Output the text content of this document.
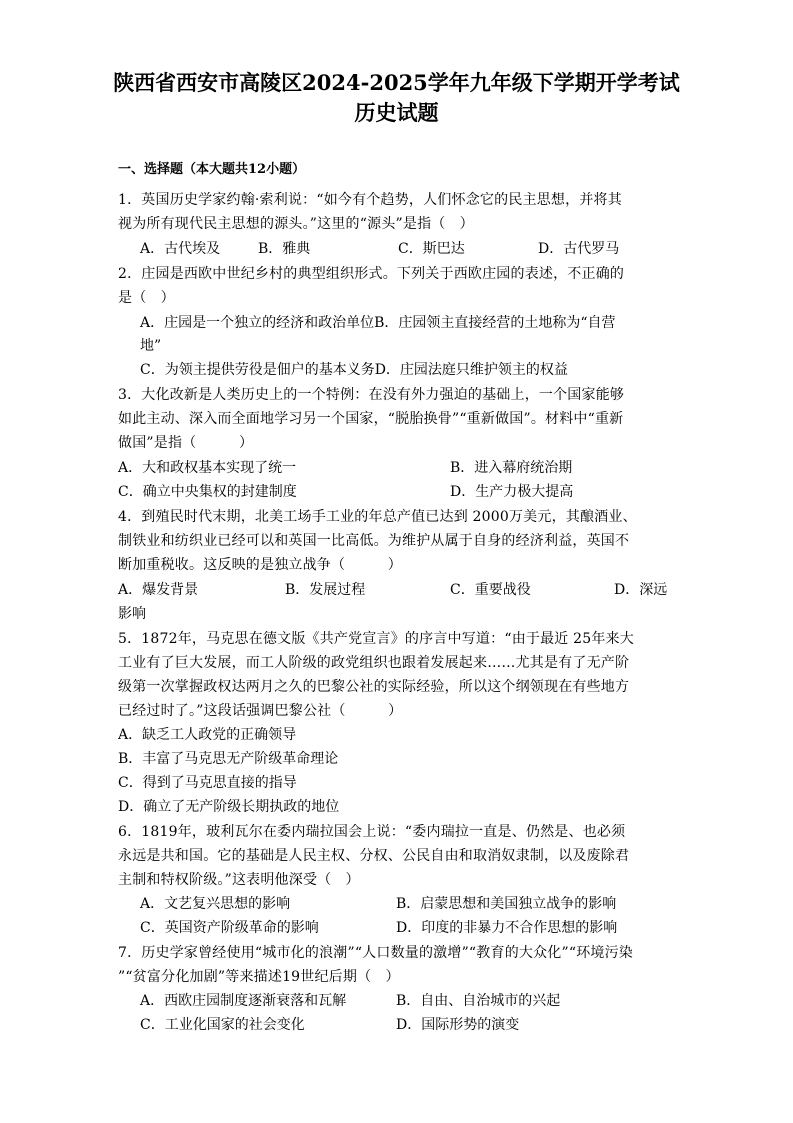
陕西省西安市高陵区2024-2025学年九年级下学期开学考试
历史试题
一、选择题（本大题共12小题）
1．英国历史学家约翰·索利说：“如今有个趋势，人们怀念它的民主思想，并将其
视为所有现代民主思想的源头。”这里的“源头”是指（　）
A．古代埃及	B．雅典	C．斯巴达	D．古代罗马
2．庄园是西欧中世纪乡村的典型组织形式。下列关于西欧庄园的表述，不正确的
是（　）
A．庄园是一个独立的经济和政治单位B．庄园领主直接经营的土地称为“自营
地”
C．为领主提供劳役是佃户的基本义务D．庄园法庭只维护领主的权益
3．大化改新是人类历史上的一个特例：在没有外力强迫的基础上，一个国家能够
如此主动、深入而全面地学习另一个国家，“脱胎换骨”“重新做国”。材料中“重新
做国”是指（　　　）
A．大和政权基本实现了统一	B．进入幕府统治期
C．确立中央集权的封建制度	D．生产力极大提高
4．到殖民时代末期，北美工场手工业的年总产值已达到 2000万美元，其酿酒业、
制铁业和纺织业已经可以和英国一比高低。为维护从属于自身的经济利益，英国不
断加重税收。这反映的是独立战争（　　　）
A．爆发背景	B．发展过程	C．重要战役	D．深远
影响
5．1872年，马克思在德文版《共产党宣言》的序言中写道：“由于最近 25年来大
工业有了巨大发展，而工人阶级的政党组织也跟着发展起来……尤其是有了无产阶
级第一次掌握政权达两月之久的巴黎公社的实际经验，所以这个纲领现在有些地方
已经过时了。”这段话强调巴黎公社（　　　）
A．缺乏工人政党的正确领导
B．丰富了马克思无产阶级革命理论
C．得到了马克思直接的指导
D．确立了无产阶级长期执政的地位
6．1819年，玻利瓦尔在委内瑞拉国会上说：“委内瑞拉一直是、仍然是、也必须
永远是共和国。它的基础是人民主权、分权、公民自由和取消奴隶制，以及废除君
主制和特权阶级。”这表明他深受（　）
A．文艺复兴思想的影响	B．启蒙思想和美国独立战争的影响
C．英国资产阶级革命的影响	D．印度的非暴力不合作思想的影响
7．历史学家曾经使用“城市化的浪潮”“人口数量的激增”“教育的大众化”“环境污染
”“贫富分化加剧”等来描述19世纪后期（　）
A．西欧庄园制度逐渐衰落和瓦解	B．自由、自治城市的兴起
C．工业化国家的社会变化	D．国际形势的演变
